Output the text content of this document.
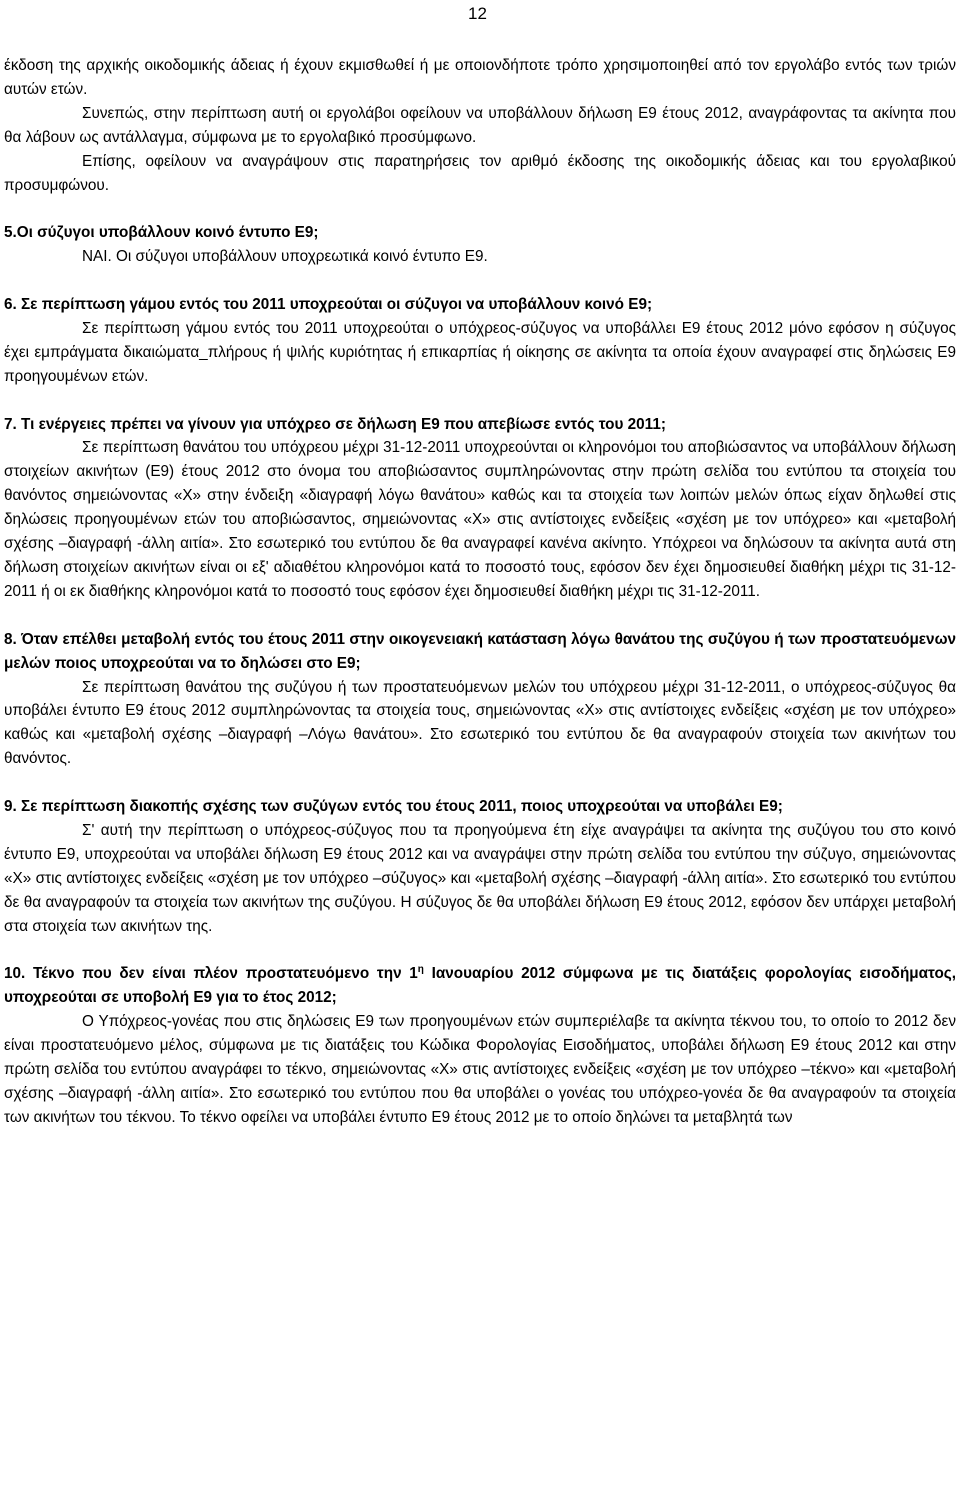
12

έκδοση της αρχικής οικοδομικής άδειας ή έχουν εκμισθωθεί ή με οποιονδήποτε τρόπο χρησιμοποιηθεί από τον εργολάβο εντός των τριών αυτών ετών.

Συνεπώς, στην περίπτωση αυτή οι εργολάβοι οφείλουν να υποβάλλουν δήλωση Ε9 έτους 2012, αναγράφοντας τα ακίνητα που θα λάβουν ως αντάλλαγμα, σύμφωνα με το εργολαβικό προσύμφωνο.

Επίσης, οφείλουν να αναγράψουν στις παρατηρήσεις τον αριθμό έκδοσης της οικοδομικής άδειας και του εργολαβικού προσυμφώνου.

5.Οι σύζυγοι υποβάλλουν κοινό έντυπο Ε9;

ΝΑΙ. Οι σύζυγοι υποβάλλουν υποχρεωτικά κοινό έντυπο Ε9.

6. Σε περίπτωση γάμου εντός του 2011 υποχρεούται οι σύζυγοι να υποβάλλουν κοινό Ε9;

Σε περίπτωση γάμου εντός του 2011 υποχρεούται ο υπόχρεος-σύζυγος να υποβάλλει Ε9 έτους 2012 μόνο εφόσον η σύζυγος έχει εμπράγματα δικαιώματα_πλήρους ή ψιλής κυριότητας ή επικαρπίας ή οίκησης σε ακίνητα τα οποία έχουν αναγραφεί στις δηλώσεις Ε9 προηγουμένων ετών.

7. Τι ενέργειες πρέπει να γίνουν για υπόχρεο σε δήλωση Ε9 που απεβίωσε εντός του 2011;

Σε περίπτωση θανάτου του υπόχρεου μέχρι 31-12-2011 υποχρεούνται οι κληρονόμοι του αποβιώσαντος να υποβάλλουν δήλωση στοιχείων ακινήτων (Ε9) έτους 2012 στο όνομα του αποβιώσαντος συμπληρώνοντας στην πρώτη σελίδα του εντύπου τα στοιχεία του θανόντος σημειώνοντας «Χ» στην ένδειξη «διαγραφή λόγω θανάτου» καθώς και τα στοιχεία των λοιπών μελών όπως είχαν δηλωθεί στις δηλώσεις προηγουμένων ετών του αποβιώσαντος, σημειώνοντας «Χ» στις αντίστοιχες ενδείξεις «σχέση με τον υπόχρεο» και «μεταβολή σχέσης –διαγραφή -άλλη αιτία». Στο εσωτερικό του εντύπου δε θα αναγραφεί κανένα ακίνητο. Υπόχρεοι να δηλώσουν τα ακίνητα αυτά στη δήλωση στοιχείων ακινήτων είναι οι εξ' αδιαθέτου κληρονόμοι κατά το ποσοστό τους, εφόσον δεν έχει δημοσιευθεί διαθήκη μέχρι τις 31-12-2011 ή οι εκ διαθήκης κληρονόμοι κατά το ποσοστό τους εφόσον έχει δημοσιευθεί διαθήκη μέχρι τις 31-12-2011.

8. Όταν επέλθει μεταβολή εντός του έτους 2011 στην οικογενειακή κατάσταση λόγω θανάτου της συζύγου ή των προστατευόμενων μελών ποιος υποχρεούται να το δηλώσει στο Ε9;

Σε περίπτωση θανάτου της συζύγου ή των προστατευόμενων μελών του υπόχρεου μέχρι 31-12-2011, ο υπόχρεος-σύζυγος θα υποβάλει έντυπο Ε9 έτους 2012 συμπληρώνοντας τα στοιχεία τους, σημειώνοντας «Χ» στις αντίστοιχες ενδείξεις «σχέση με τον υπόχρεο» καθώς και «μεταβολή σχέσης –διαγραφή –Λόγω θανάτου». Στο εσωτερικό του εντύπου δε θα αναγραφούν στοιχεία των ακινήτων του θανόντος.

9. Σε περίπτωση διακοπής σχέσης των συζύγων εντός του έτους 2011, ποιος υποχρεούται να υποβάλει Ε9;

Σ' αυτή την περίπτωση ο υπόχρεος-σύζυγος που τα προηγούμενα έτη είχε αναγράψει τα ακίνητα της συζύγου του στο κοινό έντυπο Ε9, υποχρεούται να υποβάλει δήλωση Ε9 έτους 2012 και να αναγράψει στην πρώτη σελίδα του εντύπου την σύζυγο, σημειώνοντας «Χ» στις αντίστοιχες ενδείξεις «σχέση με τον υπόχρεο –σύζυγος» και «μεταβολή σχέσης –διαγραφή -άλλη αιτία». Στο εσωτερικό του εντύπου δε θα αναγραφούν τα στοιχεία των ακινήτων της συζύγου. Η σύζυγος δε θα υποβάλει δήλωση Ε9 έτους 2012, εφόσον δεν υπάρχει μεταβολή στα στοιχεία των ακινήτων της.

10. Τέκνο που δεν είναι πλέον προστατευόμενο την $1^\eta$ Ιανουαρίου 2012 σύμφωνα με τις διατάξεις φορολογίας εισοδήματος, υποχρεούται σε υποβολή Ε9 για το έτος 2012;

Ο Υπόχρεος-γονέας που στις δηλώσεις Ε9 των προηγουμένων ετών συμπεριέλαβε τα ακίνητα τέκνου του, το οποίο το 2012 δεν είναι προστατευόμενο μέλος, σύμφωνα με τις διατάξεις του Κώδικα Φορολογίας Εισοδήματος, υποβάλει δήλωση Ε9 έτους 2012 και στην πρώτη σελίδα του εντύπου αναγράφει το τέκνο, σημειώνοντας «Χ» στις αντίστοιχες ενδείξεις «σχέση με τον υπόχρεο –τέκνο» και «μεταβολή σχέσης –διαγραφή -άλλη αιτία». Στο εσωτερικό του εντύπου που θα υποβάλει ο γονέας του υπόχρεο-γονέα δε θα αναγραφούν τα στοιχεία των ακινήτων του τέκνου. Το τέκνο οφείλει να υποβάλει έντυπο Ε9 έτους 2012 με το οποίο δηλώνει τα μεταβλητά των
